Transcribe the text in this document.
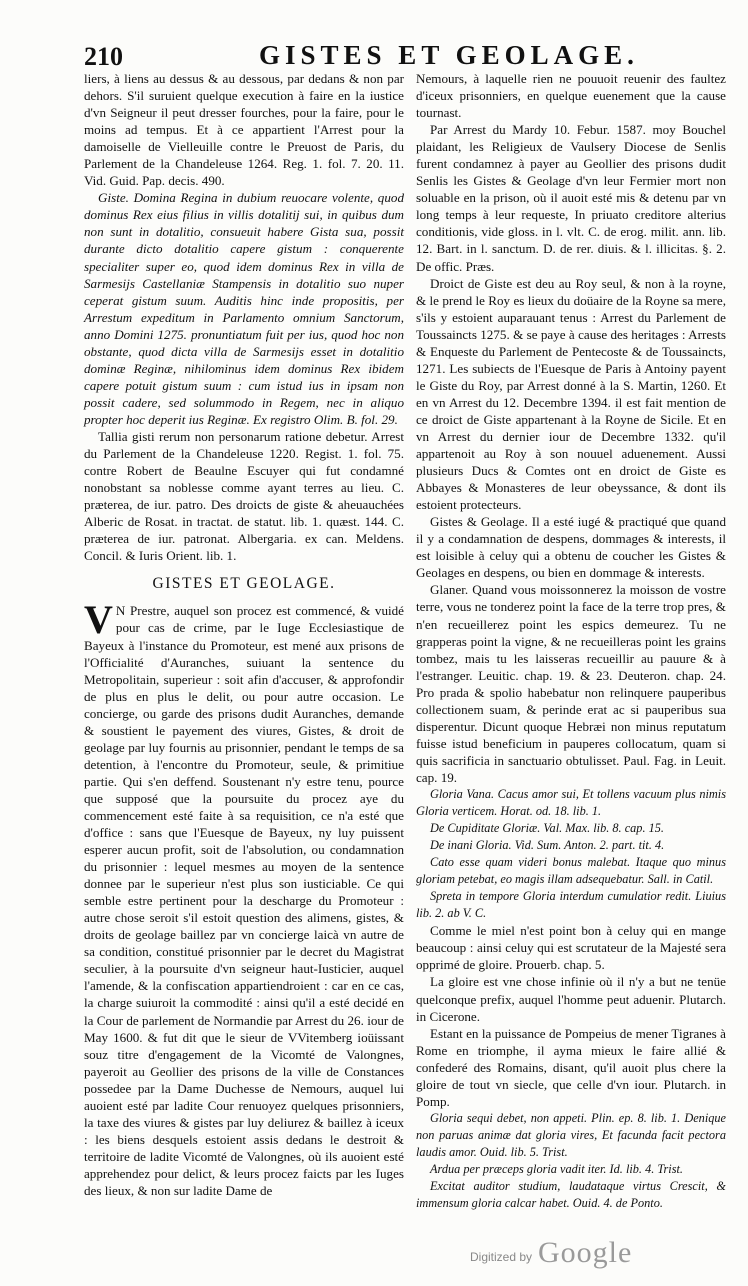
210	GISTES ET GEOLAGE.

liers, à liens au dessus & au dessous, par dedans & non par dehors. S'il suruient quelque execution à faire en la iustice d'vn Seigneur il peut dresser fourches, pour la faire, pour le moins ad tempus. Et à ce appartient l'Arrest pour la damoiselle de Vielleuille contre le Preuost de Paris, du Parlement de la Chandeleuse 1264. Reg. 1. fol. 7. 20. 11. Vid. Guid. Pap. decis. 490.

Giste. Domina Regina in dubium reuocare volente, quod dominus Rex eius filius in villis dotalitij sui, in quibus dum non sunt in dotalitio, consueuit habere Gista sua, possit durante dicto dotalitio capere gistum : conquerente specialiter super eo, quod idem dominus Rex in villa de Sarmesijs Castellaniæ Stampensis in dotalitio suo nuper ceperat gistum suum. Auditis hinc inde propositis, per Arrestum expeditum in Parlamento omnium Sanctorum, anno Domini 1275. pronuntiatum fuit per ius, quod hoc non obstante, quod dicta villa de Sarmesijs esset in dotalitio dominæ Reginæ, nihilominus idem dominus Rex ibidem capere potuit gistum suum : cum istud ius in ipsam non possit cadere, sed solummodo in Regem, nec in aliquo propter hoc deperit ius Reginæ. Ex registro Olim. B. fol. 29.

Tallia gisti rerum non personarum ratione debetur. Arrest du Parlement de la Chandeleuse 1220. Regist. 1. fol. 75. contre Robert de Beaulne Escuyer qui fut condamné nonobstant sa noblesse comme ayant terres au lieu. C. præterea, de iur. patro. Des droicts de giste & aheuauchées Alberic de Rosat. in tractat. de statut. lib. 1. quæst. 144. C. præterea de iur. patronat. Albergaria. ex can. Meldens. Concil. & Iuris Orient. lib. 1.

GISTES ET GEOLAGE.

V N Prestre, auquel son procez est commencé, & vuidé pour cas de crime, par le Iuge Ecclesiastique de Bayeux à l'instance du Promoteur, est mené aux prisons de l'Officialité d'Auranches, suiuant la sentence du Metropolitain, superieur : soit afin d'accuser, & approfondir de plus en plus le delit, ou pour autre occasion. Le concierge, ou garde des prisons dudit Auranches, demande & soustient le payement des viures, Gistes, & droit de geolage par luy fournis au prisonnier, pendant le temps de sa detention, à l'encontre du Promoteur, seule, & primitiue partie. Qui s'en deffend. Soustenant n'y estre tenu, pource que supposé que la poursuite du procez aye du commencement esté faite à sa requisition, ce n'a esté que d'office : sans que l'Euesque de Bayeux, ny luy puissent esperer aucun profit, soit de l'absolution, ou condamnation du prisonnier : lequel mesmes au moyen de la sentence donnee par le superieur n'est plus son iusticiable. Ce qui semble estre pertinent pour la descharge du Promoteur : autre chose seroit s'il estoit question des alimens, gistes, & droits de geolage baillez par vn concierge laicà vn autre de sa condition, constitué prisonnier par le decret du Magistrat seculier, à la poursuite d'vn seigneur haut-Iusticier, auquel l'amende, & la confiscation appartiendroient : car en ce cas, la charge suiuroit la commodité : ainsi qu'il a esté decidé en la Cour de parlement de Normandie par Arrest du 26. iour de May 1600. & fut dit que le sieur de VVitemberg ioüissant souz titre d'engagement de la Vicomté de Valongnes, payeroit au Geollier des prisons de la ville de Constances possedee par la Dame Duchesse de Nemours, auquel lui auoient esté par ladite Cour renuoyez quelques prisonniers, la taxe des viures & gistes par luy deliurez & baillez à iceux : les biens desquels estoient assis dedans le destroit & territoire de ladite Vicomté de Valongnes, où ils auoient esté apprehendez pour delict, & leurs procez faicts par les Iuges des lieux, & non sur ladite Dame de

Nemours, à laquelle rien ne pouuoit reuenir des faultez d'iceux prisonniers, en quelque euenement que la cause tournast.

Par Arrest du Mardy 10. Febur. 1587. moy Bouchel plaidant, les Religieux de Vaulsery Diocese de Senlis furent condamnez à payer au Geollier des prisons dudit Senlis les Gistes & Geolage d'vn leur Fermier mort non soluable en la prison, où il auoit esté mis & detenu par vn long temps à leur requeste, In priuato creditore alterius conditionis, vide gloss. in l. vlt. C. de erog. milit. ann. lib. 12. Bart. in l. sanctum. D. de rer. diuis. & l. illicitas. §. 2. De offic. Præs.

Droict de Giste est deu au Roy seul, & non à la royne, & le prend le Roy es lieux du doüaire de la Royne sa mere, s'ils y estoient auparauant tenus : Arrest du Parlement de Toussaincts 1275. & se paye à cause des heritages : Arrests & Enqueste du Parlement de Pentecoste & de Toussaincts, 1271. Les subiects de l'Euesque de Paris à Antoiny payent le Giste du Roy, par Arrest donné à la S. Martin, 1260. Et en vn Arrest du 12. Decembre 1394. il est fait mention de ce droict de Giste appartenant à la Royne de Sicile. Et en vn Arrest du dernier iour de Decembre 1332. qu'il appartenoit au Roy à son nouuel aduenement. Aussi plusieurs Ducs & Comtes ont en droict de Giste es Abbayes & Monasteres de leur obeyssance, & dont ils estoient protecteurs.

Gistes & Geolage. Il a esté iugé & practiqué que quand il y a condamnation de despens, dommages & interests, il est loisible à celuy qui a obtenu de coucher les Gistes & Geolages en despens, ou bien en dommage & interests.

Glaner. Quand vous moissonnerez la moisson de vostre terre, vous ne tonderez point la face de la terre trop pres, & n'en recueillerez point les espics demeurez. Tu ne grapperas point la vigne, & ne recueilleras point les grains tombez, mais tu les laisseras recueillir au pauure & à l'estranger. Leuitic. chap. 19. & 23. Deuteron. chap. 24. Pro prada & spolio habebatur non relinquere pauperibus collectionem suam, & perinde erat ac si pauperibus sua disperentur. Dicunt quoque Hebræi non minus reputatum fuisse istud beneficium in pauperes collocatum, quam si quis sacrificia in sanctuario obtulisset. Paul. Fag. in Leuit. cap. 19.

Gloria Vana. Cacus amor sui, Et tollens vacuum plus nimis Gloria verticem. Horat. od. 18. lib. 1.

De Cupiditate Gloriæ. Val. Max. lib. 8. cap. 15.

De inani Gloria. Vid. Sum. Anton. 2. part. tit. 4.

Cato esse quam videri bonus malebat. Itaque quo minus gloriam petebat, eo magis illam adsequebatur. Sall. in Catil.

Spreta in tempore Gloria interdum cumulatior redit. Liuius lib. 2. ab V. C.

Comme le miel n'est point bon à celuy qui en mange beaucoup : ainsi celuy qui est scrutateur de la Majesté sera opprimé de gloire. Prouerb. chap. 5.

La gloire est vne chose infinie où il n'y a but ne tenüe quelconque prefix, auquel l'homme peut aduenir. Plutarch. in Cicerone.

Estant en la puissance de Pompeius de mener Tigranes à Rome en triomphe, il ayma mieux le faire allié & confederé des Romains, disant, qu'il auoit plus chere la gloire de tout vn siecle, que celle d'vn iour. Plutarch. in Pomp.

Gloria sequi debet, non appeti. Plin. ep. 8. lib. 1. Denique non paruas animæ dat gloria vires, Et facunda facit pectora laudis amor. Ouid. lib. 5. Trist.

Ardua per præceps gloria vadit iter. Id. lib. 4. Trist.

Excitat auditor studium, laudataque virtus Crescit, & immensum gloria calcar habet. Ouid. 4. de Ponto.

Digitized by Google
